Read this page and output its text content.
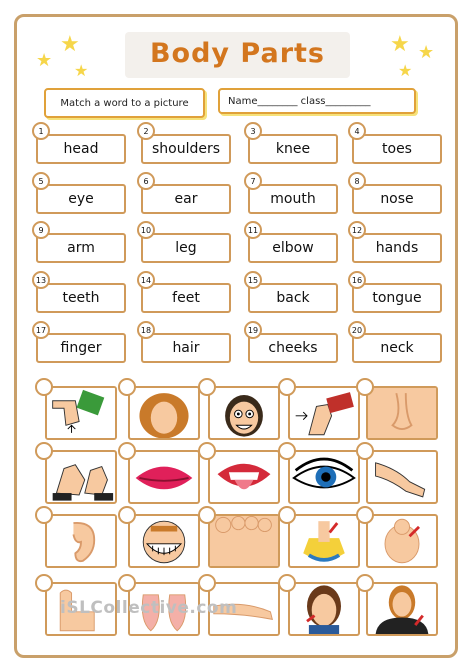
★
★ ★
★ ★
★
Body Parts
Match a word to a picture	Name________ class_________
head
1
shoulders
2
knee
3
toes
4
eye
5
ear
6
mouth
7
nose
8
arm
9
leg
10
elbow
11
hands
12
teeth
13
feet
14
back
15
tongue
16
finger
17
hair
18
cheeks
19
neck
20
iSLCollective.com
